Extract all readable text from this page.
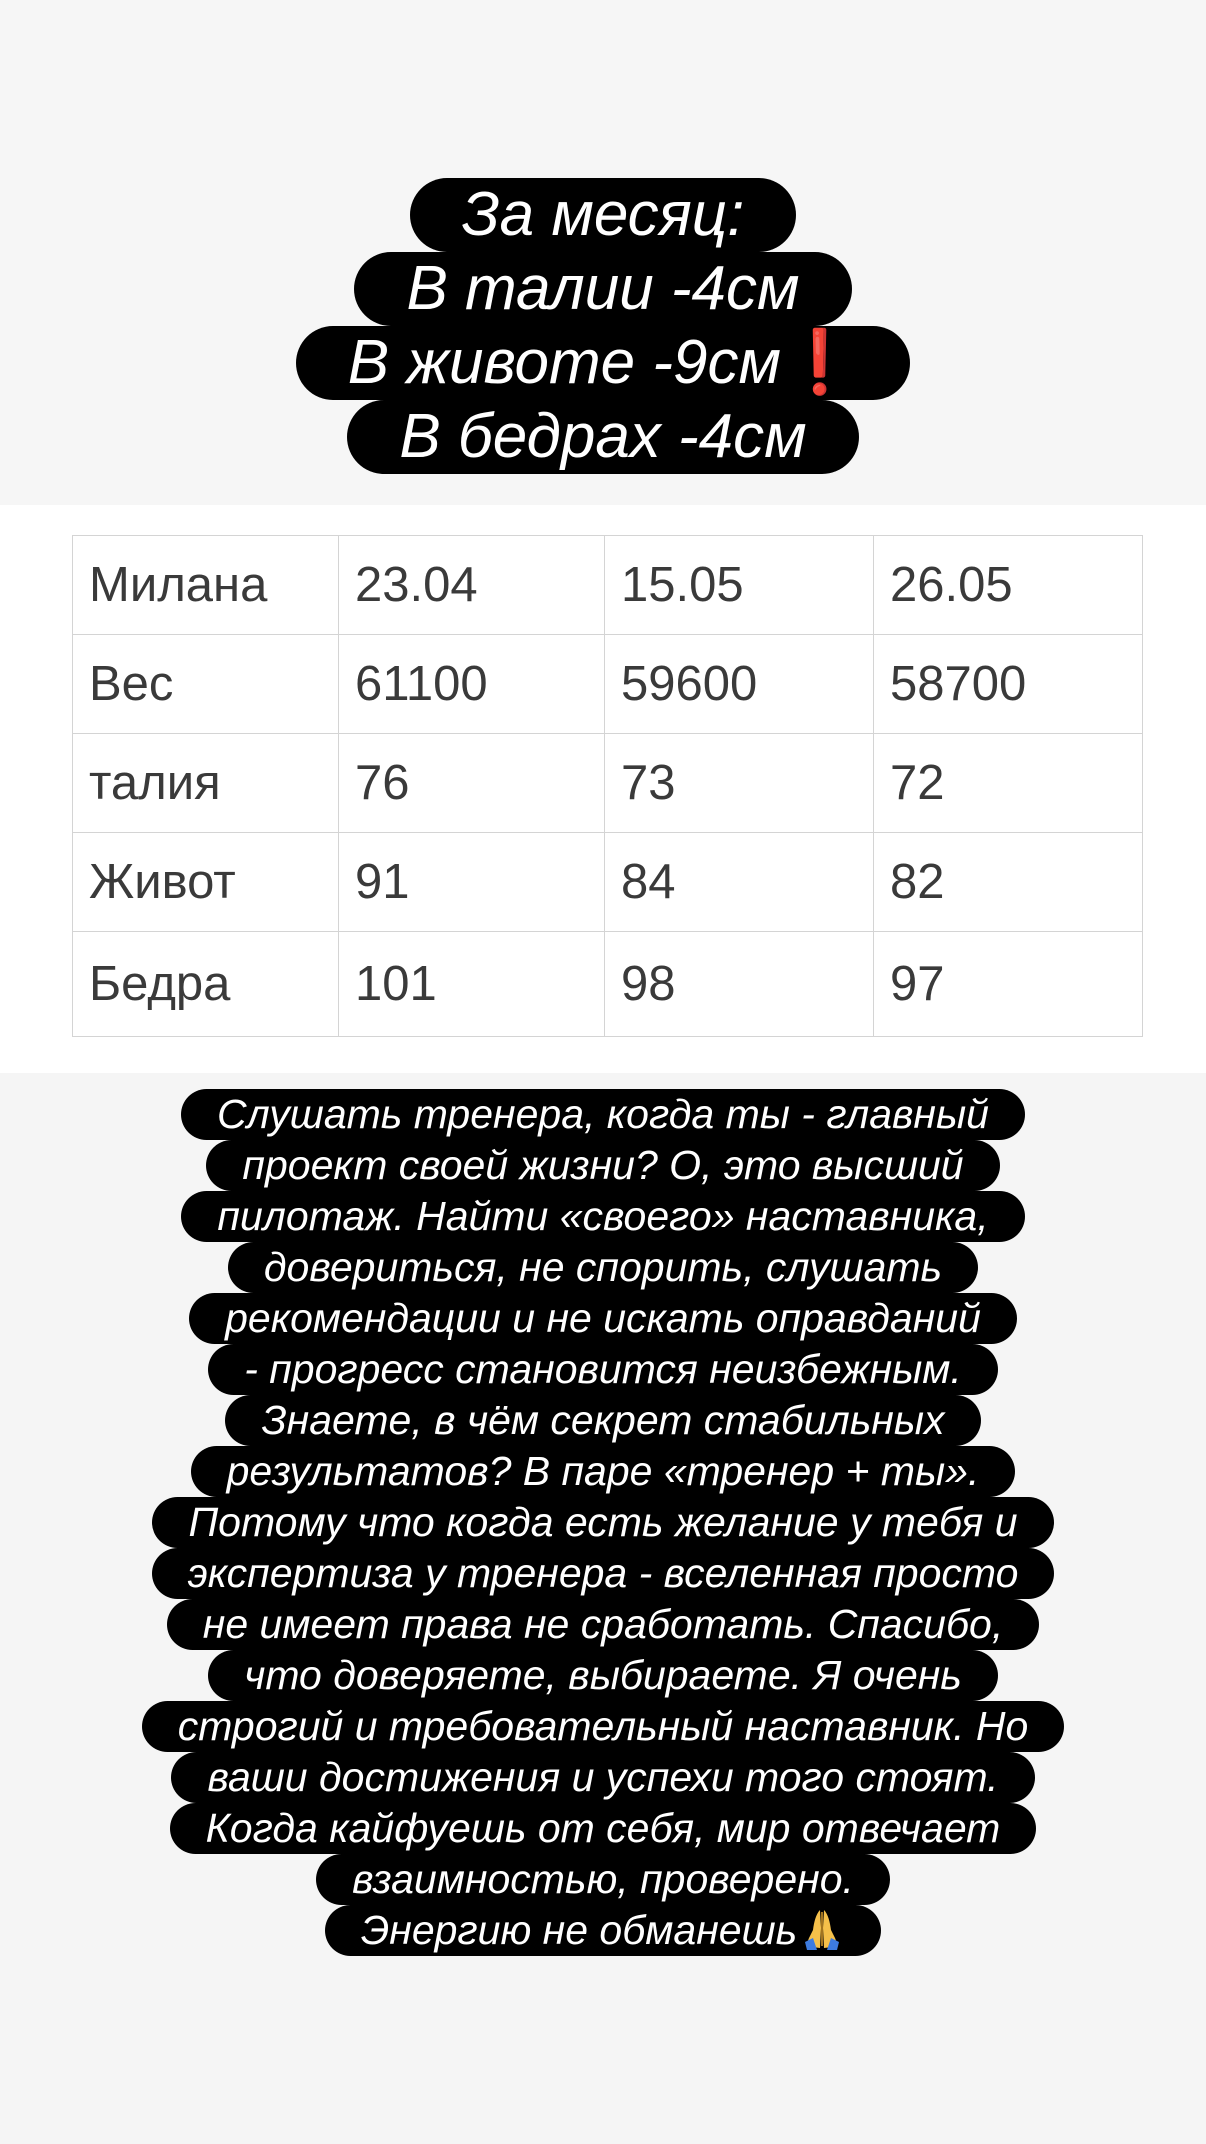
За месяц:
В талии -4см
В животе -9см❗
В бедрах -4см
Милана	23.04	15.05	26.05
Вес	61100	59600	58700
талия	76	73	72
Живот	91	84	82
Бедра	101	98	97
Слушать тренера, когда ты - главный
проект своей жизни? О, это высший
пилотаж. Найти «своего» наставника,
довериться, не спорить, слушать
рекомендации и не искать оправданий
- прогресс становится неизбежным.
Знаете, в чём секрет стабильных
результатов? В паре «тренер + ты».
Потому что когда есть желание у тебя и
экспертиза у тренера - вселенная просто
не имеет права не сработать. Спасибо,
что доверяете, выбираете. Я очень
строгий и требовательный наставник. Но
ваши достижения и успехи того стоят.
Когда кайфуешь от себя, мир отвечает
взаимностью, проверено.
Энергию не обманешь
